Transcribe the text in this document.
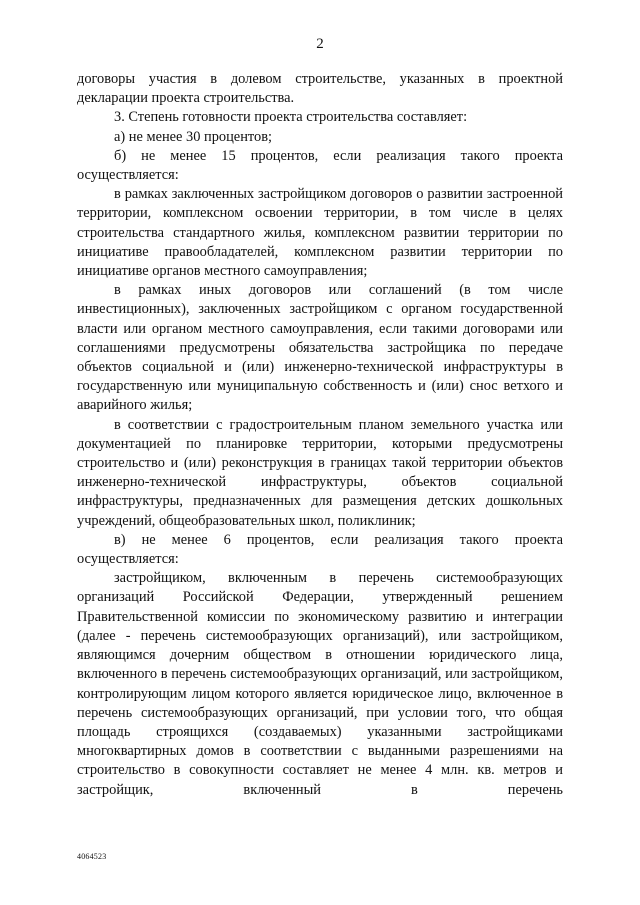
2

договоры участия в долевом строительстве, указанных в проектной декларации проекта строительства.

3. Степень готовности проекта строительства составляет:

а) не менее 30 процентов;

б) не менее 15 процентов, если реализация такого проекта осуществляется:

в рамках заключенных застройщиком договоров о развитии застроенной территории, комплексном освоении территории, в том числе в целях строительства стандартного жилья, комплексном развитии территории по инициативе правообладателей, комплексном развитии территории по инициативе органов местного самоуправления;

в рамках иных договоров или соглашений (в том числе инвестиционных), заключенных застройщиком с органом государственной власти или органом местного самоуправления, если такими договорами или соглашениями предусмотрены обязательства застройщика по передаче объектов социальной и (или) инженерно-технической инфраструктуры в государственную или муниципальную собственность и (или) снос ветхого и аварийного жилья;

в соответствии с градостроительным планом земельного участка или документацией по планировке территории, которыми предусмотрены строительство и (или) реконструкция в границах такой территории объектов инженерно-технической инфраструктуры, объектов социальной инфраструктуры, предназначенных для размещения детских дошкольных учреждений, общеобразовательных школ, поликлиник;

в) не менее 6 процентов, если реализация такого проекта осуществляется:

застройщиком, включенным в перечень системообразующих организаций Российской Федерации, утвержденный решением Правительственной комиссии по экономическому развитию и интеграции (далее - перечень системообразующих организаций), или застройщиком, являющимся дочерним обществом в отношении юридического лица, включенного в перечень системообразующих организаций, или застройщиком, контролирующим лицом которого является юридическое лицо, включенное в перечень системообразующих организаций, при условии того, что общая площадь строящихся (создаваемых) указанными застройщиками многоквартирных домов в соответствии с выданными разрешениями на строительство в совокупности составляет не менее 4 млн. кв. метров и застройщик, включенный в перечень

4064523
